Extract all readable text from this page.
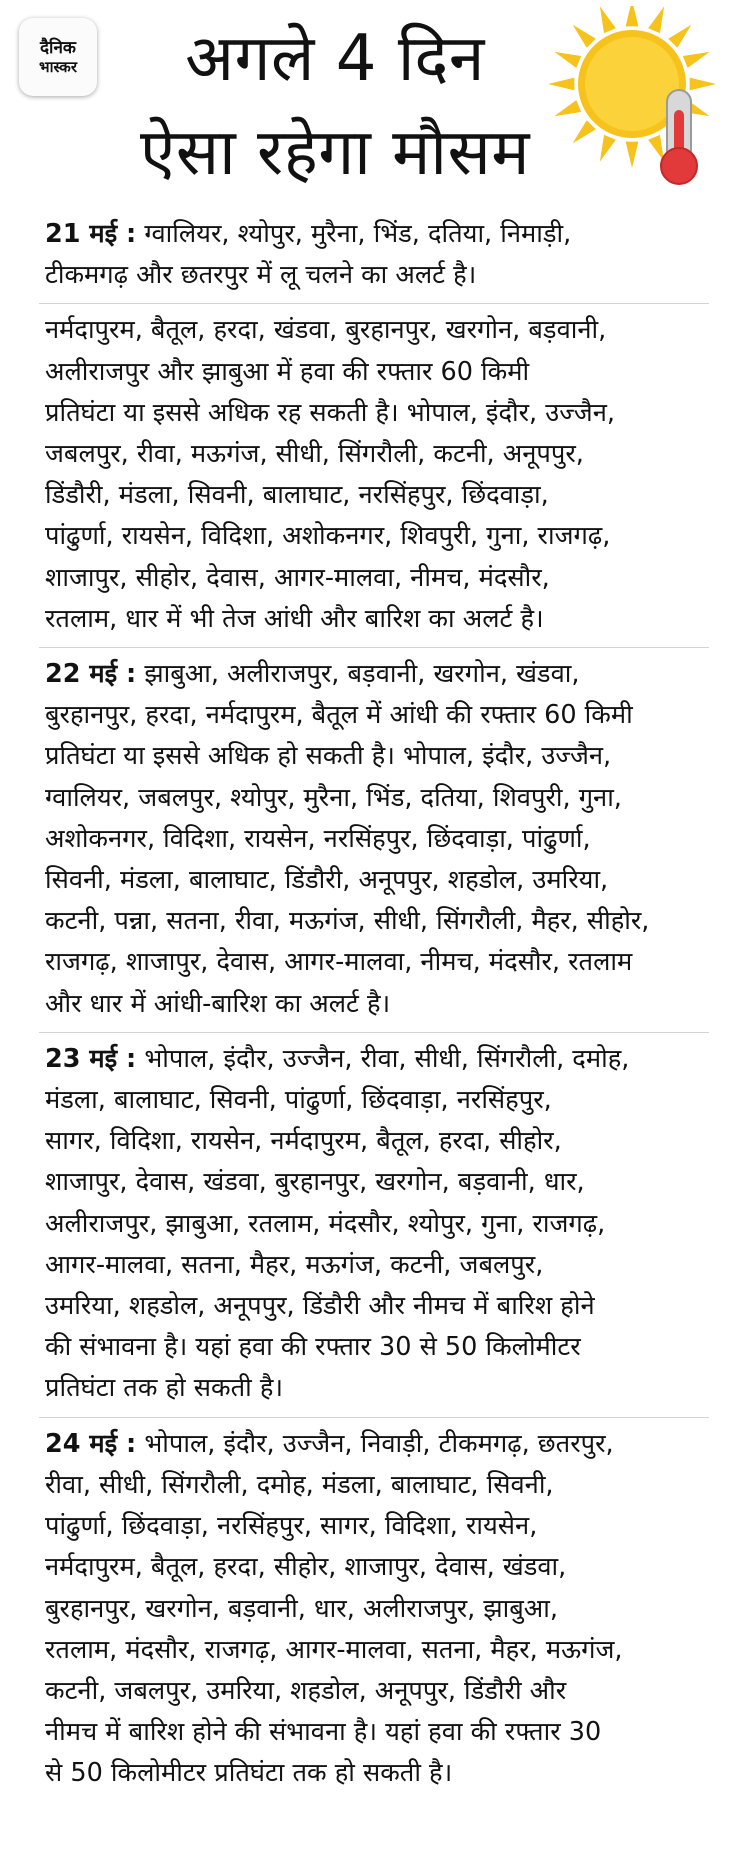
दैनिक
भास्कर	अगले 4 दिन
ऐसा रहेगा मौसम
21 मई : ग्वालियर, श्योपुर, मुरैना, भिंड, दतिया, निमाड़ी,
टीकमगढ़ और छतरपुर में लू चलने का अलर्ट है।
नर्मदापुरम, बैतूल, हरदा, खंडवा, बुरहानपुर, खरगोन, बड़वानी,
अलीराजपुर और झाबुआ में हवा की रफ्तार 60 किमी
प्रतिघंटा या इससे अधिक रह सकती है। भोपाल, इंदौर, उज्जैन,
जबलपुर, रीवा, मऊगंज, सीधी, सिंगरौली, कटनी, अनूपपुर,
डिंडौरी, मंडला, सिवनी, बालाघाट, नरसिंहपुर, छिंदवाड़ा,
पांढुर्णा, रायसेन, विदिशा, अशोकनगर, शिवपुरी, गुना, राजगढ़,
शाजापुर, सीहोर, देवास, आगर-मालवा, नीमच, मंदसौर,
रतलाम, धार में भी तेज आंधी और बारिश का अलर्ट है।
22 मई : झाबुआ, अलीराजपुर, बड़वानी, खरगोन, खंडवा,
बुरहानपुर, हरदा, नर्मदापुरम, बैतूल में आंधी की रफ्तार 60 किमी
प्रतिघंटा या इससे अधिक हो सकती है। भोपाल, इंदौर, उज्जैन,
ग्वालियर, जबलपुर, श्योपुर, मुरैना, भिंड, दतिया, शिवपुरी, गुना,
अशोकनगर, विदिशा, रायसेन, नरसिंहपुर, छिंदवाड़ा, पांढुर्णा,
सिवनी, मंडला, बालाघाट, डिंडौरी, अनूपपुर, शहडोल, उमरिया,
कटनी, पन्ना, सतना, रीवा, मऊगंज, सीधी, सिंगरौली, मैहर, सीहोर,
राजगढ़, शाजापुर, देवास, आगर-मालवा, नीमच, मंदसौर, रतलाम
और धार में आंधी-बारिश का अलर्ट है।
23 मई : भोपाल, इंदौर, उज्जैन, रीवा, सीधी, सिंगरौली, दमोह,
मंडला, बालाघाट, सिवनी, पांढुर्णा, छिंदवाड़ा, नरसिंहपुर,
सागर, विदिशा, रायसेन, नर्मदापुरम, बैतूल, हरदा, सीहोर,
शाजापुर, देवास, खंडवा, बुरहानपुर, खरगोन, बड़वानी, धार,
अलीराजपुर, झाबुआ, रतलाम, मंदसौर, श्योपुर, गुना, राजगढ़,
आगर-मालवा, सतना, मैहर, मऊगंज, कटनी, जबलपुर,
उमरिया, शहडोल, अनूपपुर, डिंडौरी और नीमच में बारिश होने
की संभावना है। यहां हवा की रफ्तार 30 से 50 किलोमीटर
प्रतिघंटा तक हो सकती है।
24 मई : भोपाल, इंदौर, उज्जैन, निवाड़ी, टीकमगढ़, छतरपुर,
रीवा, सीधी, सिंगरौली, दमोह, मंडला, बालाघाट, सिवनी,
पांढुर्णा, छिंदवाड़ा, नरसिंहपुर, सागर, विदिशा, रायसेन,
नर्मदापुरम, बैतूल, हरदा, सीहोर, शाजापुर, देवास, खंडवा,
बुरहानपुर, खरगोन, बड़वानी, धार, अलीराजपुर, झाबुआ,
रतलाम, मंदसौर, राजगढ़, आगर-मालवा, सतना, मैहर, मऊगंज,
कटनी, जबलपुर, उमरिया, शहडोल, अनूपपुर, डिंडौरी और
नीमच में बारिश होने की संभावना है। यहां हवा की रफ्तार 30
से 50 किलोमीटर प्रतिघंटा तक हो सकती है।
